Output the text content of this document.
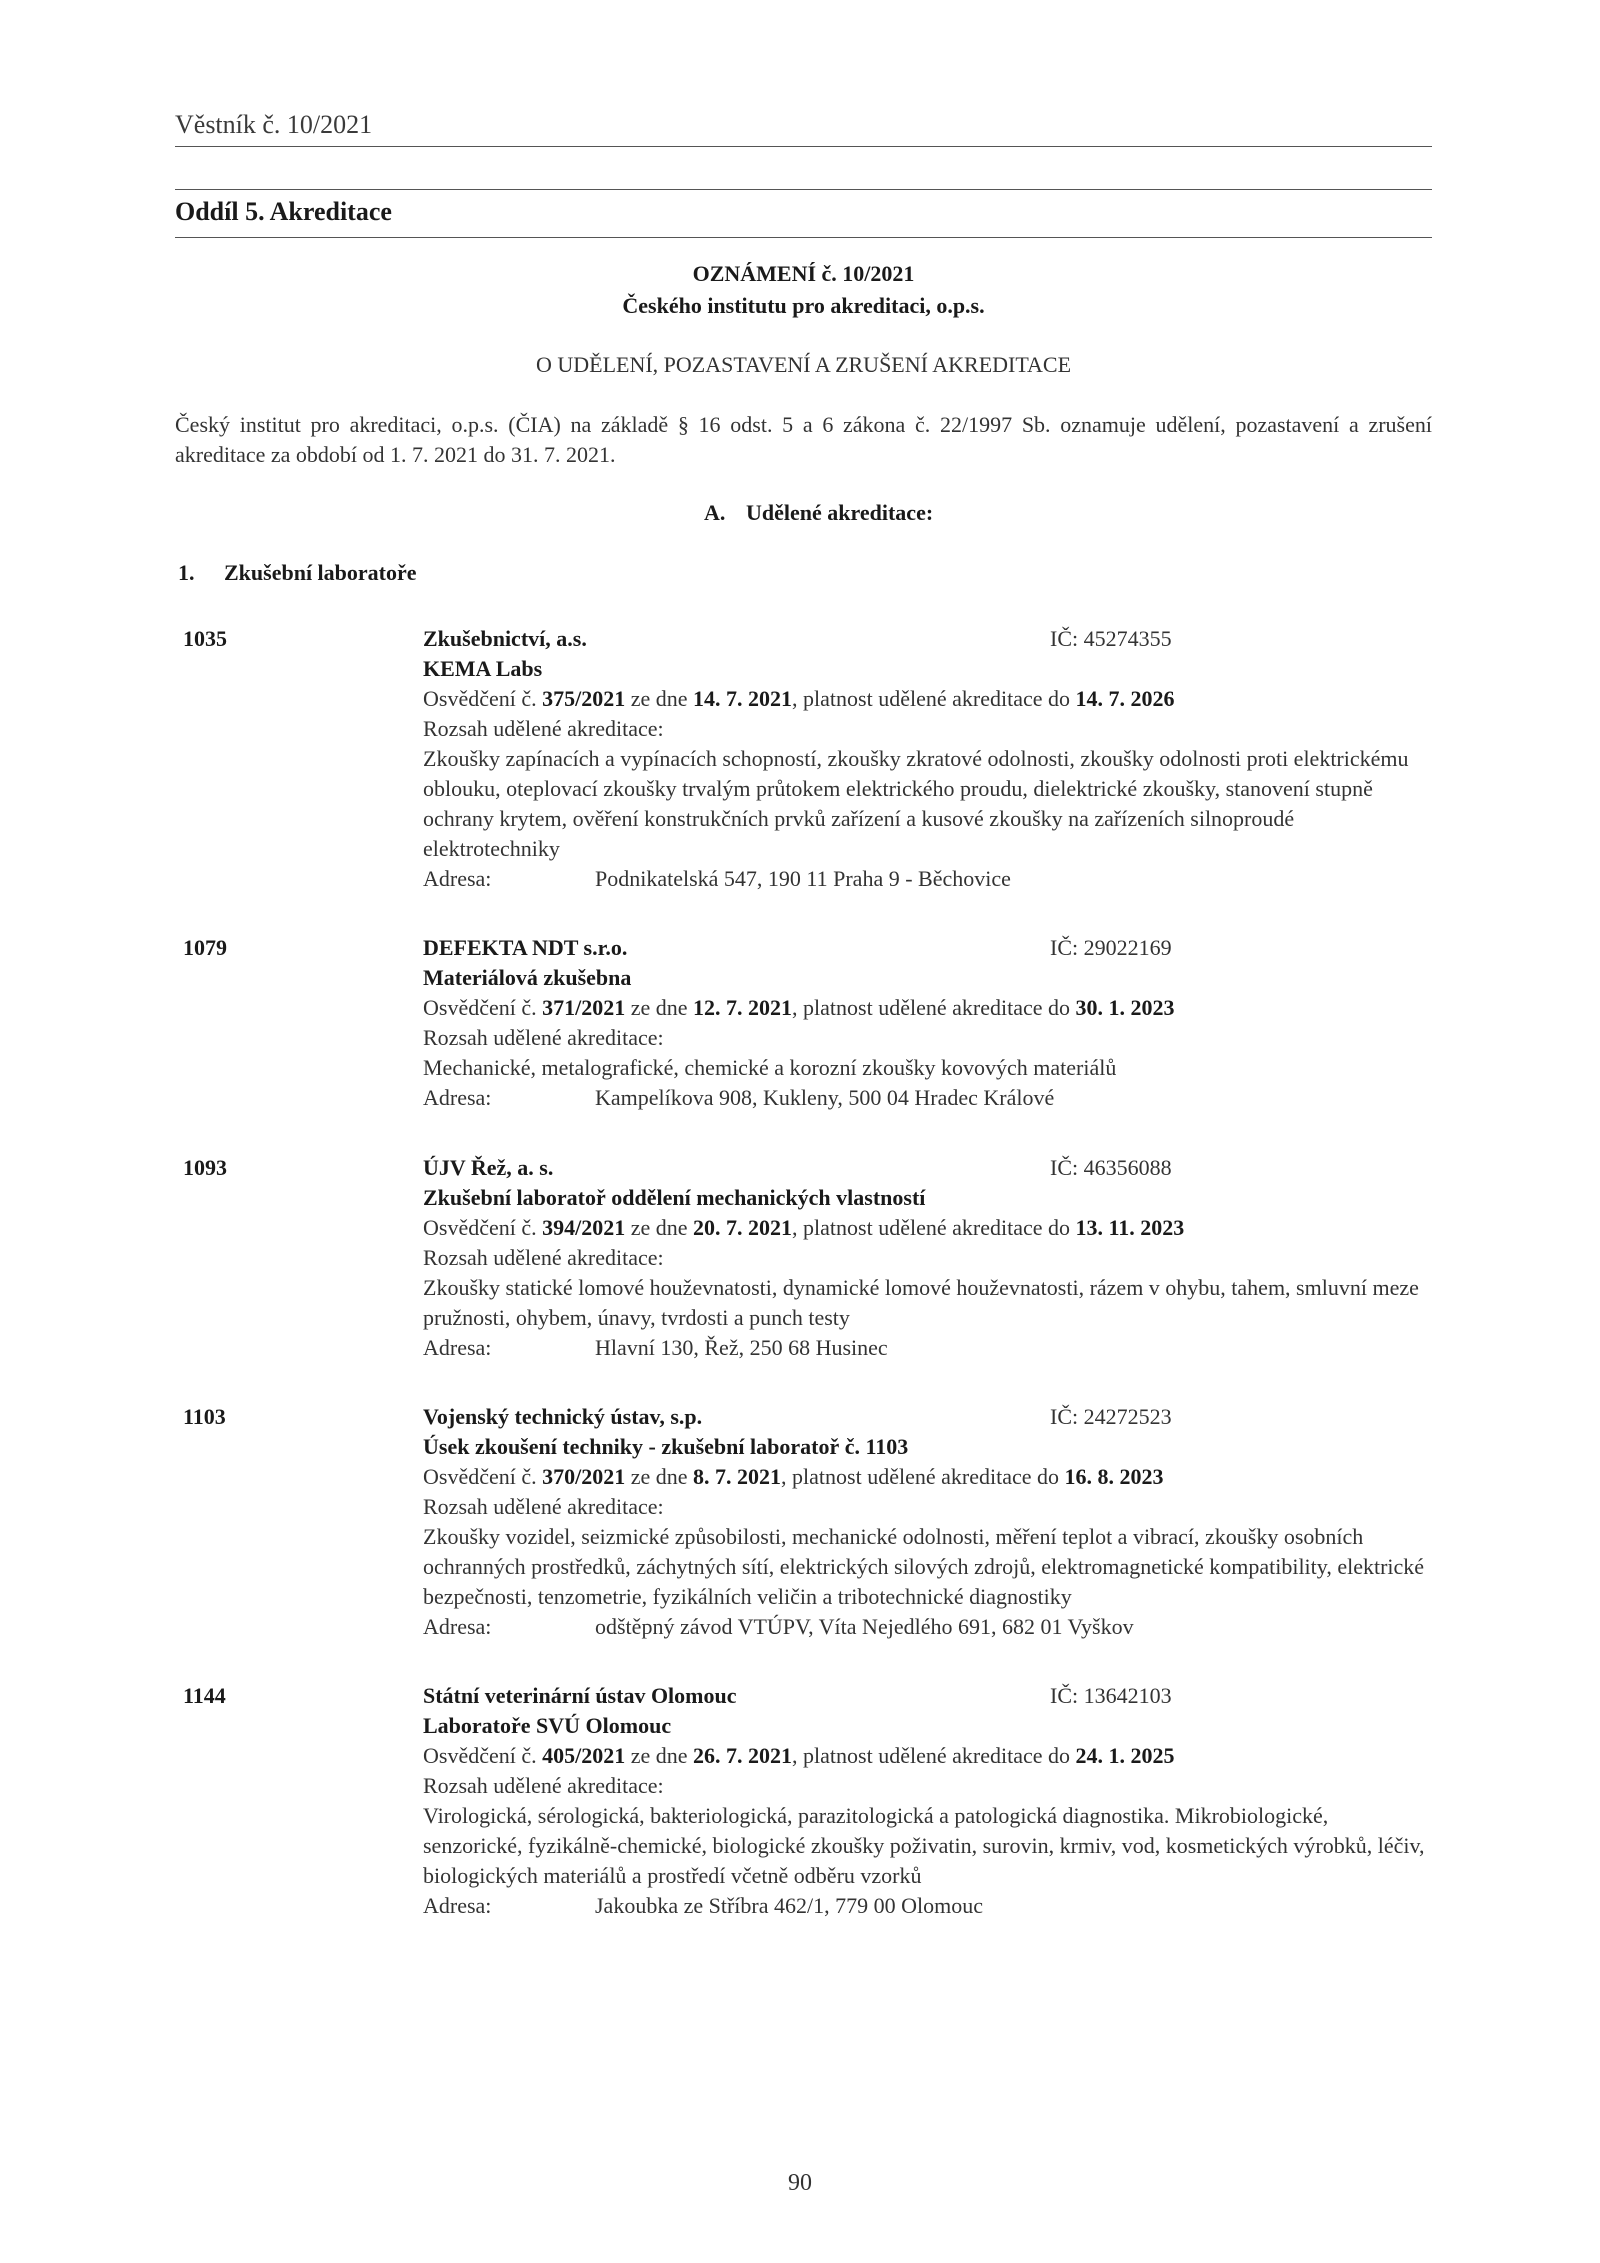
Věstník č. 10/2021
Oddíl 5. Akreditace
OZNÁMENÍ č. 10/2021
Českého institutu pro akreditaci, o.p.s.
O UDĚLENÍ, POZASTAVENÍ A ZRUŠENÍ AKREDITACE
Český institut pro akreditaci, o.p.s. (ČIA) na základě § 16 odst. 5 a 6 zákona č. 22/1997 Sb. oznamuje udělení, pozastavení a zrušení akreditace za období od 1. 7. 2021 do 31. 7. 2021.
A. Udělené akreditace:
1. Zkušební laboratoře
1035	Zkušebnictví, a.s.	IČ: 45274355
KEMA Labs
Osvědčení č. 375/2021 ze dne 14. 7. 2021, platnost udělené akreditace do 14. 7. 2026
Rozsah udělené akreditace:
Zkoušky zapínacích a vypínacích schopností, zkoušky zkratové odolnosti, zkoušky odolnosti proti elektrickému oblouku, oteplovací zkoušky trvalým průtokem elektrického proudu, dielektrické zkoušky, stanovení stupně ochrany krytem, ověření konstrukčních prvků zařízení a kusové zkoušky na zařízeních silnoproudé elektrotechniky
Adresa:	Podnikatelská 547, 190 11 Praha 9 - Běchovice
1079	DEFEKTA NDT s.r.o.	IČ: 29022169
Materiálová zkušebna
Osvědčení č. 371/2021 ze dne 12. 7. 2021, platnost udělené akreditace do 30. 1. 2023
Rozsah udělené akreditace:
Mechanické, metalografické, chemické a korozní zkoušky kovových materiálů
Adresa:	Kampelíkova 908, Kukleny, 500 04 Hradec Králové
1093	ÚJV Řež, a. s.	IČ: 46356088
Zkušební laboratoř oddělení mechanických vlastností
Osvědčení č. 394/2021 ze dne 20. 7. 2021, platnost udělené akreditace do 13. 11. 2023
Rozsah udělené akreditace:
Zkoušky statické lomové houževnatosti, dynamické lomové houževnatosti, rázem v ohybu, tahem, smluvní meze pružnosti, ohybem, únavy, tvrdosti a punch testy
Adresa:	Hlavní 130, Řež, 250 68 Husinec
1103	Vojenský technický ústav, s.p.	IČ: 24272523
Úsek zkoušení techniky - zkušební laboratoř č. 1103
Osvědčení č. 370/2021 ze dne 8. 7. 2021, platnost udělené akreditace do 16. 8. 2023
Rozsah udělené akreditace:
Zkoušky vozidel, seizmické způsobilosti, mechanické odolnosti, měření teplot a vibrací, zkoušky osobních ochranných prostředků, záchytných sítí, elektrických silových zdrojů, elektromagnetické kompatibility, elektrické bezpečnosti, tenzometrie, fyzikálních veličin a tribotechnické diagnostiky
Adresa:	odštěpný závod VTÚPV, Víta Nejedlého 691, 682 01 Vyškov
1144	Státní veterinární ústav Olomouc	IČ: 13642103
Laboratoře SVÚ Olomouc
Osvědčení č. 405/2021 ze dne 26. 7. 2021, platnost udělené akreditace do 24. 1. 2025
Rozsah udělené akreditace:
Virologická, sérologická, bakteriologická, parazitologická a patologická diagnostika. Mikrobiologické, senzorické, fyzikálně-chemické, biologické zkoušky poživatin, surovin, krmiv, vod, kosmetických výrobků, léčiv, biologických materiálů a prostředí včetně odběru vzorků
Adresa:	Jakoubka ze Stříbra 462/1, 779 00 Olomouc
90
